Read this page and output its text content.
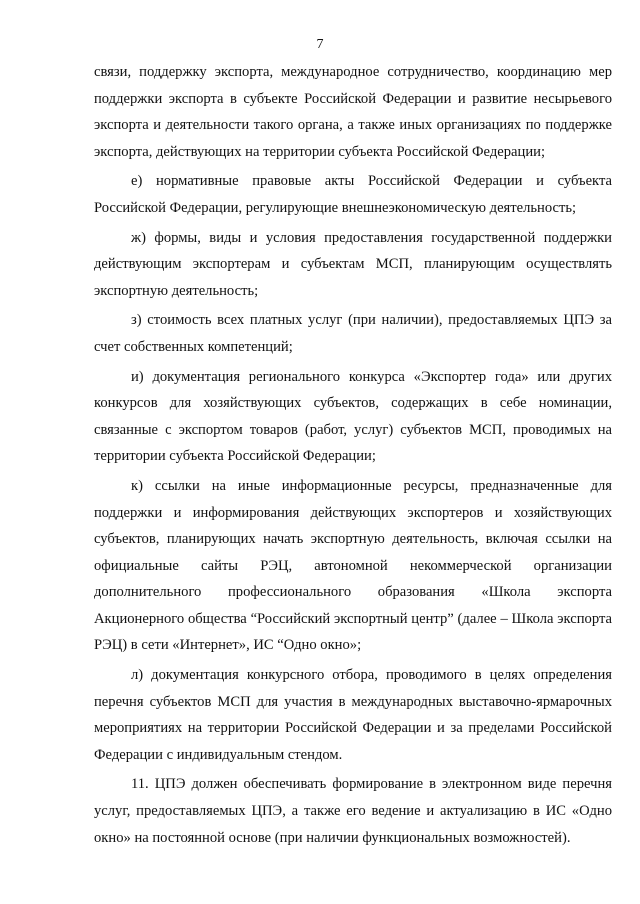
7

связи, поддержку экспорта, международное сотрудничество, координацию мер поддержки экспорта в субъекте Российской Федерации и развитие несырьевого экспорта и деятельности такого органа, а также иных организациях по поддержке экспорта, действующих на территории субъекта Российской Федерации;

е) нормативные правовые акты Российской Федерации и субъекта Российской Федерации, регулирующие внешнеэкономическую деятельность;

ж) формы, виды и условия предоставления государственной поддержки действующим экспортерам и субъектам МСП, планирующим осуществлять экспортную деятельность;

з) стоимость всех платных услуг (при наличии), предоставляемых ЦПЭ за счет собственных компетенций;

и) документация регионального конкурса «Экспортер года» или других конкурсов для хозяйствующих субъектов, содержащих в себе номинации, связанные с экспортом товаров (работ, услуг) субъектов МСП, проводимых на территории субъекта Российской Федерации;

к) ссылки на иные информационные ресурсы, предназначенные для поддержки и информирования действующих экспортеров и хозяйствующих субъектов, планирующих начать экспортную деятельность, включая ссылки на официальные сайты РЭЦ, автономной некоммерческой организации дополнительного профессионального образования «Школа экспорта Акционерного общества “Российский экспортный центр” (далее – Школа экспорта РЭЦ) в сети «Интернет», ИС “Одно окно»;

л) документация конкурсного отбора, проводимого в целях определения перечня субъектов МСП для участия в международных выставочно-ярмарочных мероприятиях на территории Российской Федерации и за пределами Российской Федерации с индивидуальным стендом.

11. ЦПЭ должен обеспечивать формирование в электронном виде перечня услуг, предоставляемых ЦПЭ, а также его ведение и актуализацию в ИС «Одно окно» на постоянной основе (при наличии функциональных возможностей).
